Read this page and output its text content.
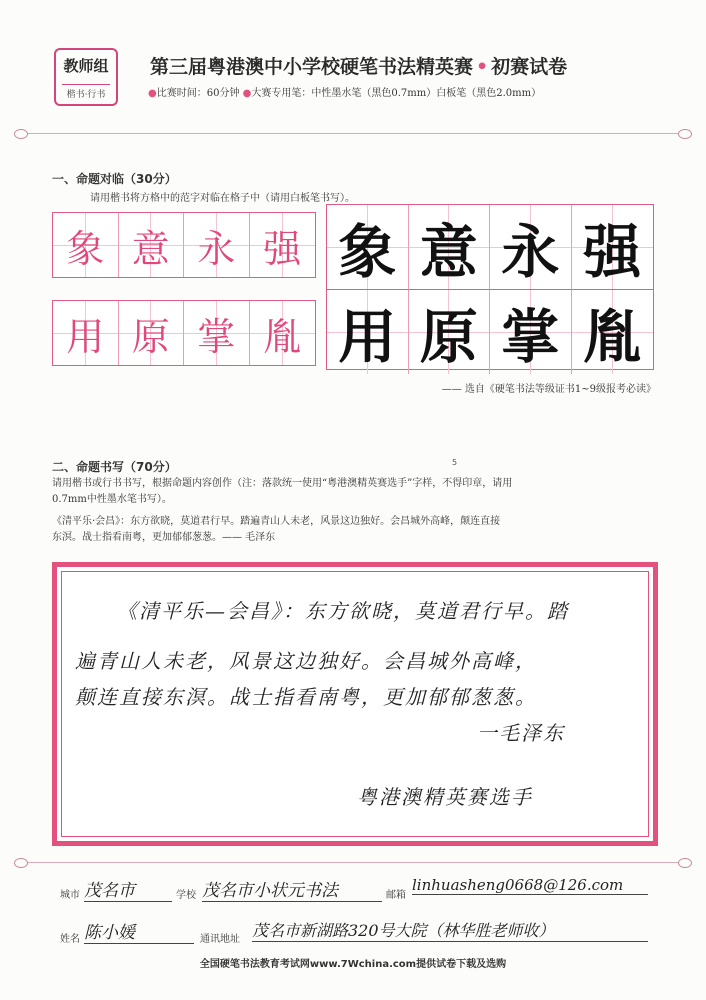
教师组
楷书·行书
第三届粤港澳中小学校硬笔书法精英赛 • 初赛试卷
●比赛时间：60分钟 ●大赛专用笔：中性墨水笔（黑色0.7mm）白板笔（黑色2.0mm）
一、命题对临（30分）
请用楷书将方格中的范字对临在格子中（请用白板笔书写）。
象 意 永 强
用 原 掌 胤
象 意 永 强
用 原 掌 胤
—— 选自《硬笔书法等级证书1~9级报考必读》
5
二、命题书写（70分）
请用楷书或行书书写，根据命题内容创作（注：落款统一使用“粤港澳精英赛选手”字样，不得印章，请用
0.7mm中性墨水笔书写）。
《清平乐·会昌》：东方欲晓，莫道君行早。踏遍青山人未老，风景这边独好。会昌城外高峰，颠连直接
东溟。战士指看南粤，更加郁郁葱葱。—— 毛泽东
《清平乐—会昌》：东方欲晓，莫道君行早。踏
遍青山人未老，风景这边独好。会昌城外高峰，
颠连直接东溟。战士指看南粤，更加郁郁葱葱。
一毛泽东
粤港澳精英赛选手
城市 茂名市	学校 茂名市小状元书法	邮箱
linhuasheng0668@126.com
姓名 陈小媛	通讯地址 茂名市新湖路320号大院（林华胜老师收）
全国硬笔书法教育考试网www.7Wchina.com提供试卷下载及选购
